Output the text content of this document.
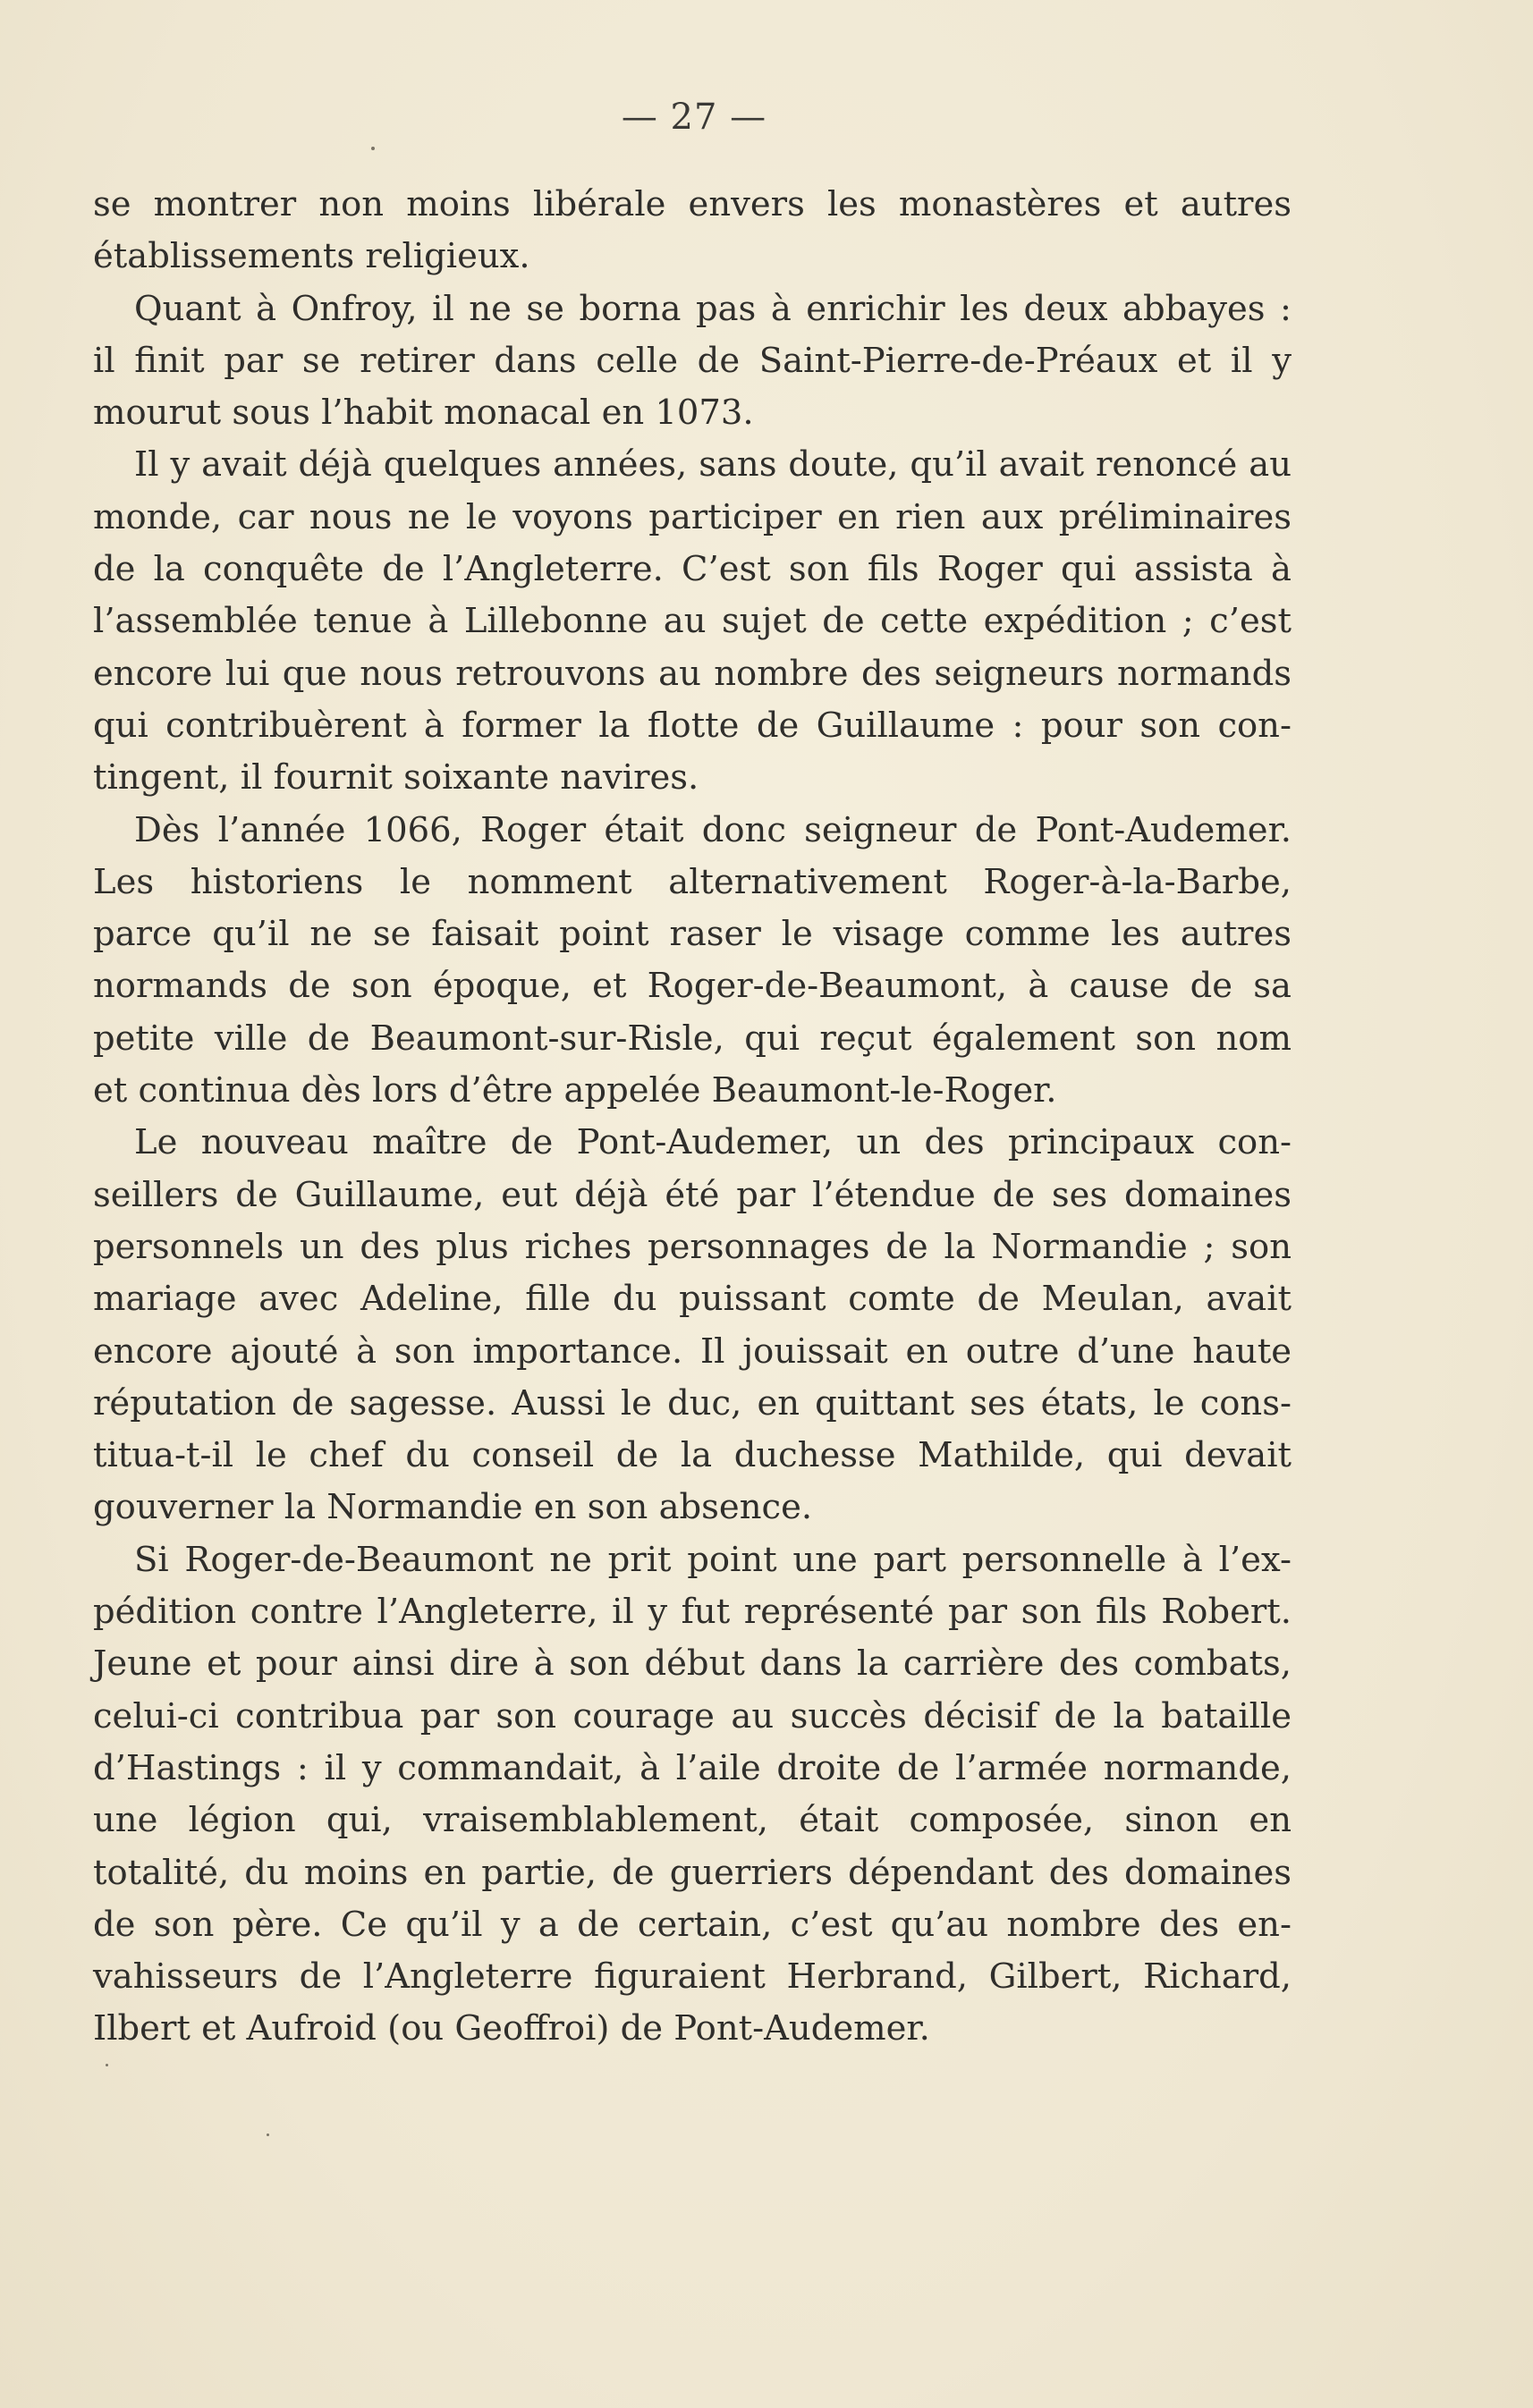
— 27 —
se montrer non moins libérale envers les monastères et autres
établissements religieux.
Quant à Onfroy, il ne se borna pas à enrichir les deux abbayes :
il finit par se retirer dans celle de Saint-Pierre-de-Préaux et il y
mourut sous l’habit monacal en 1073.
Il y avait déjà quelques années, sans doute, qu’il avait renoncé au
monde, car nous ne le voyons participer en rien aux préliminaires
de la conquête de l’Angleterre. C’est son fils Roger qui assista à
l’assemblée tenue à Lillebonne au sujet de cette expédition ; c’est
encore lui que nous retrouvons au nombre des seigneurs normands
qui contribuèrent à former la flotte de Guillaume : pour son con-
tingent, il fournit soixante navires.
Dès l’année 1066, Roger était donc seigneur de Pont-Audemer.
Les historiens le nomment alternativement Roger-à-la-Barbe,
parce qu’il ne se faisait point raser le visage comme les autres
normands de son époque, et Roger-de-Beaumont, à cause de sa
petite ville de Beaumont-sur-Risle, qui reçut également son nom
et continua dès lors d’être appelée Beaumont-le-Roger.
Le nouveau maître de Pont-Audemer, un des principaux con-
seillers de Guillaume, eut déjà été par l’étendue de ses domaines
personnels un des plus riches personnages de la Normandie ; son
mariage avec Adeline, fille du puissant comte de Meulan, avait
encore ajouté à son importance. Il jouissait en outre d’une haute
réputation de sagesse. Aussi le duc, en quittant ses états, le cons-
titua-t-il le chef du conseil de la duchesse Mathilde, qui devait
gouverner la Normandie en son absence.
Si Roger-de-Beaumont ne prit point une part personnelle à l’ex-
pédition contre l’Angleterre, il y fut représenté par son fils Robert.
Jeune et pour ainsi dire à son début dans la carrière des combats,
celui-ci contribua par son courage au succès décisif de la bataille
d’Hastings : il y commandait, à l’aile droite de l’armée normande,
une légion qui, vraisemblablement, était composée, sinon en
totalité, du moins en partie, de guerriers dépendant des domaines
de son père. Ce qu’il y a de certain, c’est qu’au nombre des en-
vahisseurs de l’Angleterre figuraient Herbrand, Gilbert, Richard,
Ilbert et Aufroid (ou Geoffroi) de Pont-Audemer.
